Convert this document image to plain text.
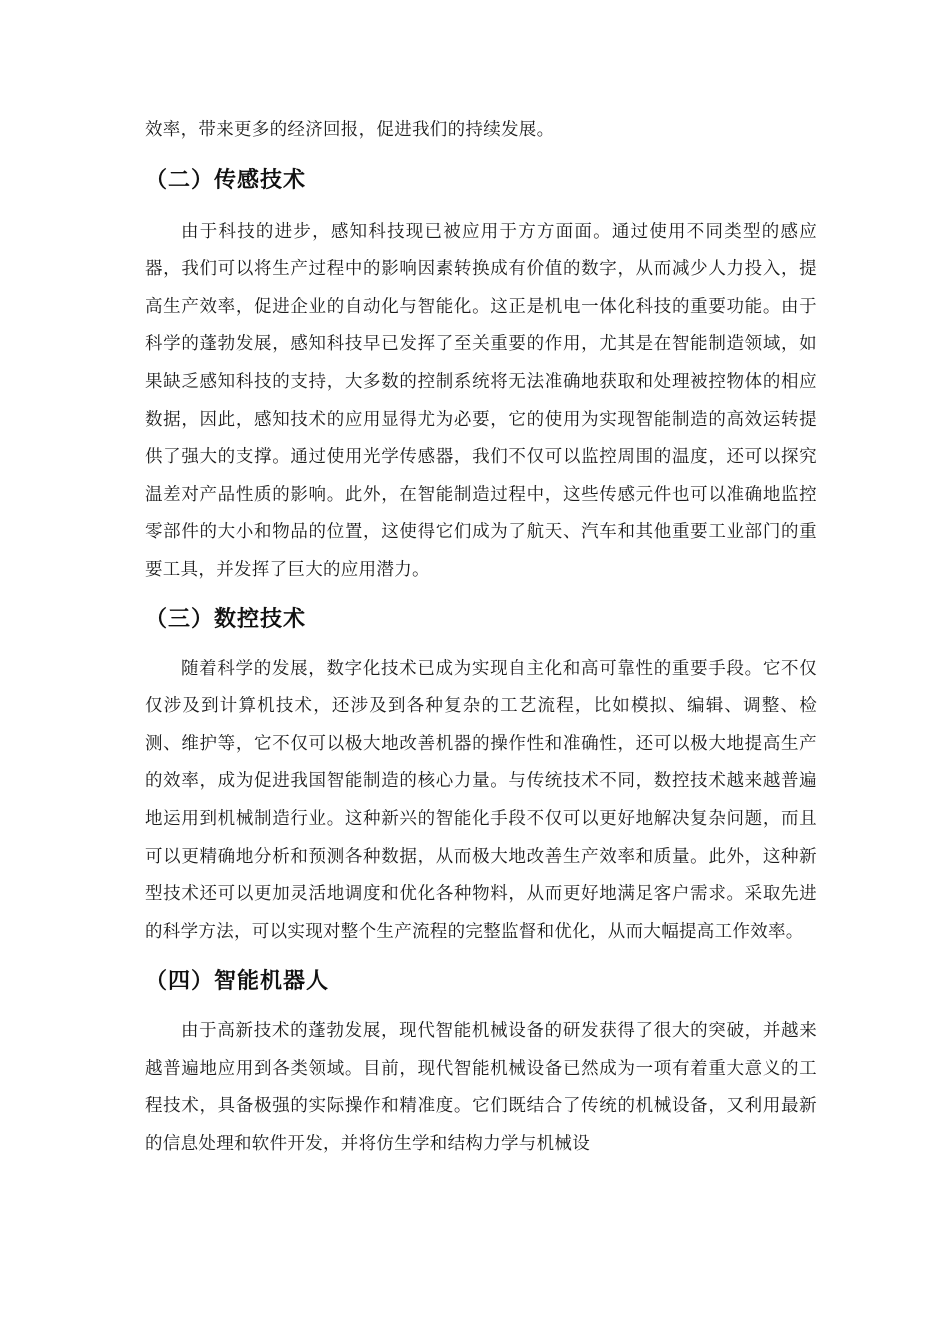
效率，带来更多的经济回报，促进我们的持续发展。

（二）传感技术

由于科技的进步，感知科技现已被应用于方方面面。通过使用不同类型的感应器，我们可以将生产过程中的影响因素转换成有价值的数字，从而减少人力投入，提高生产效率，促进企业的自动化与智能化。这正是机电一体化科技的重要功能。由于科学的蓬勃发展，感知科技早已发挥了至关重要的作用，尤其是在智能制造领域，如果缺乏感知科技的支持，大多数的控制系统将无法准确地获取和处理被控物体的相应数据，因此，感知技术的应用显得尤为必要，它的使用为实现智能制造的高效运转提供了强大的支撑。通过使用光学传感器，我们不仅可以监控周围的温度，还可以探究温差对产品性质的影响。此外，在智能制造过程中，这些传感元件也可以准确地监控零部件的大小和物品的位置，这使得它们成为了航天、汽车和其他重要工业部门的重要工具，并发挥了巨大的应用潜力。

（三）数控技术

随着科学的发展，数字化技术已成为实现自主化和高可靠性的重要手段。它不仅仅涉及到计算机技术，还涉及到各种复杂的工艺流程，比如模拟、编辑、调整、检测、维护等，它不仅可以极大地改善机器的操作性和准确性，还可以极大地提高生产的效率，成为促进我国智能制造的核心力量。与传统技术不同，数控技术越来越普遍地运用到机械制造行业。这种新兴的智能化手段不仅可以更好地解决复杂问题，而且可以更精确地分析和预测各种数据，从而极大地改善生产效率和质量。此外，这种新型技术还可以更加灵活地调度和优化各种物料，从而更好地满足客户需求。采取先进的科学方法，可以实现对整个生产流程的完整监督和优化，从而大幅提高工作效率。

（四）智能机器人

由于高新技术的蓬勃发展，现代智能机械设备的研发获得了很大的突破，并越来越普遍地应用到各类领域。目前，现代智能机械设备已然成为一项有着重大意义的工程技术，具备极强的实际操作和精准度。它们既结合了传统的机械设备，又利用最新的信息处理和软件开发，并将仿生学和结构力学与机械设
